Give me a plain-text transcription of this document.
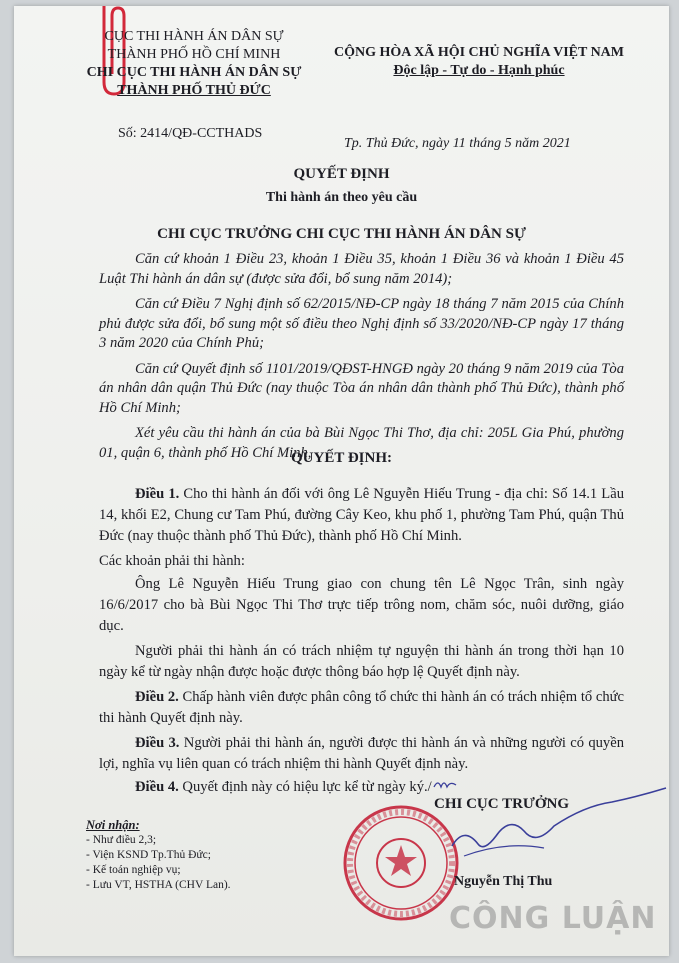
CỤC THI HÀNH ÁN DÂN SỰ
THÀNH PHỐ HỒ CHÍ MINH
CHI CỤC THI HÀNH ÁN DÂN SỰ
THÀNH PHỐ THỦ ĐỨC
CỘNG HÒA XÃ HỘI CHỦ NGHĨA VIỆT NAM
Độc lập - Tự do - Hạnh phúc
Số: 2414/QĐ-CCTHADS
Tp. Thủ Đức, ngày 11 tháng 5 năm 2021
QUYẾT ĐỊNH
Thi hành án theo yêu cầu
CHI CỤC TRƯỞNG CHI CỤC THI HÀNH ÁN DÂN SỰ

Căn cứ khoản 1 Điều 23, khoản 1 Điều 35, khoản 1 Điều 36 và khoản 1 Điều 45 Luật Thi hành án dân sự (được sửa đổi, bổ sung năm 2014);

Căn cứ Điều 7 Nghị định số 62/2015/NĐ-CP ngày 18 tháng 7 năm 2015 của Chính phủ được sửa đổi, bổ sung một số điều theo Nghị định số 33/2020/NĐ-CP ngày 17 tháng 3 năm 2020 của Chính Phủ;

Căn cứ Quyết định số 1101/2019/QĐST-HNGĐ ngày 20 tháng 9 năm 2019 của Tòa án nhân dân quận Thủ Đức (nay thuộc Tòa án nhân dân thành phố Thủ Đức), thành phố Hồ Chí Minh;

Xét yêu cầu thi hành án của bà Bùi Ngọc Thi Thơ, địa chỉ: 205L Gia Phú, phường 01, quận 6, thành phố Hồ Chí Minh,

QUYẾT ĐỊNH:

Điều 1. Cho thi hành án đối với ông Lê Nguyễn Hiếu Trung - địa chỉ: Số 14.1 Lầu 14, khối E2, Chung cư Tam Phú, đường Cây Keo, khu phố 1, phường Tam Phú, quận Thủ Đức (nay thuộc thành phố Thủ Đức), thành phố Hồ Chí Minh.

Các khoản phải thi hành:

Ông Lê Nguyễn Hiếu Trung giao con chung tên Lê Ngọc Trân, sinh ngày 16/6/2017 cho bà Bùi Ngọc Thi Thơ trực tiếp trông nom, chăm sóc, nuôi dưỡng, giáo dục.

Người phải thi hành án có trách nhiệm tự nguyện thi hành án trong thời hạn 10 ngày kể từ ngày nhận được hoặc được thông báo hợp lệ Quyết định này.

Điều 2. Chấp hành viên được phân công tổ chức thi hành án có trách nhiệm tổ chức thi hành Quyết định này.

Điều 3. Người phải thi hành án, người được thi hành án và những người có quyền lợi, nghĩa vụ liên quan có trách nhiệm thi hành Quyết định này.

Điều 4. Quyết định này có hiệu lực kể từ ngày ký./

Nơi nhận:
- Như điều 2,3;
- Viện KSND Tp.Thủ Đức;
- Kế toán nghiệp vụ;
- Lưu VT, HSTHA (CHV Lan).
CHI CỤC TRƯỞNG
Nguyễn Thị Thu
CÔNG LUẬN
